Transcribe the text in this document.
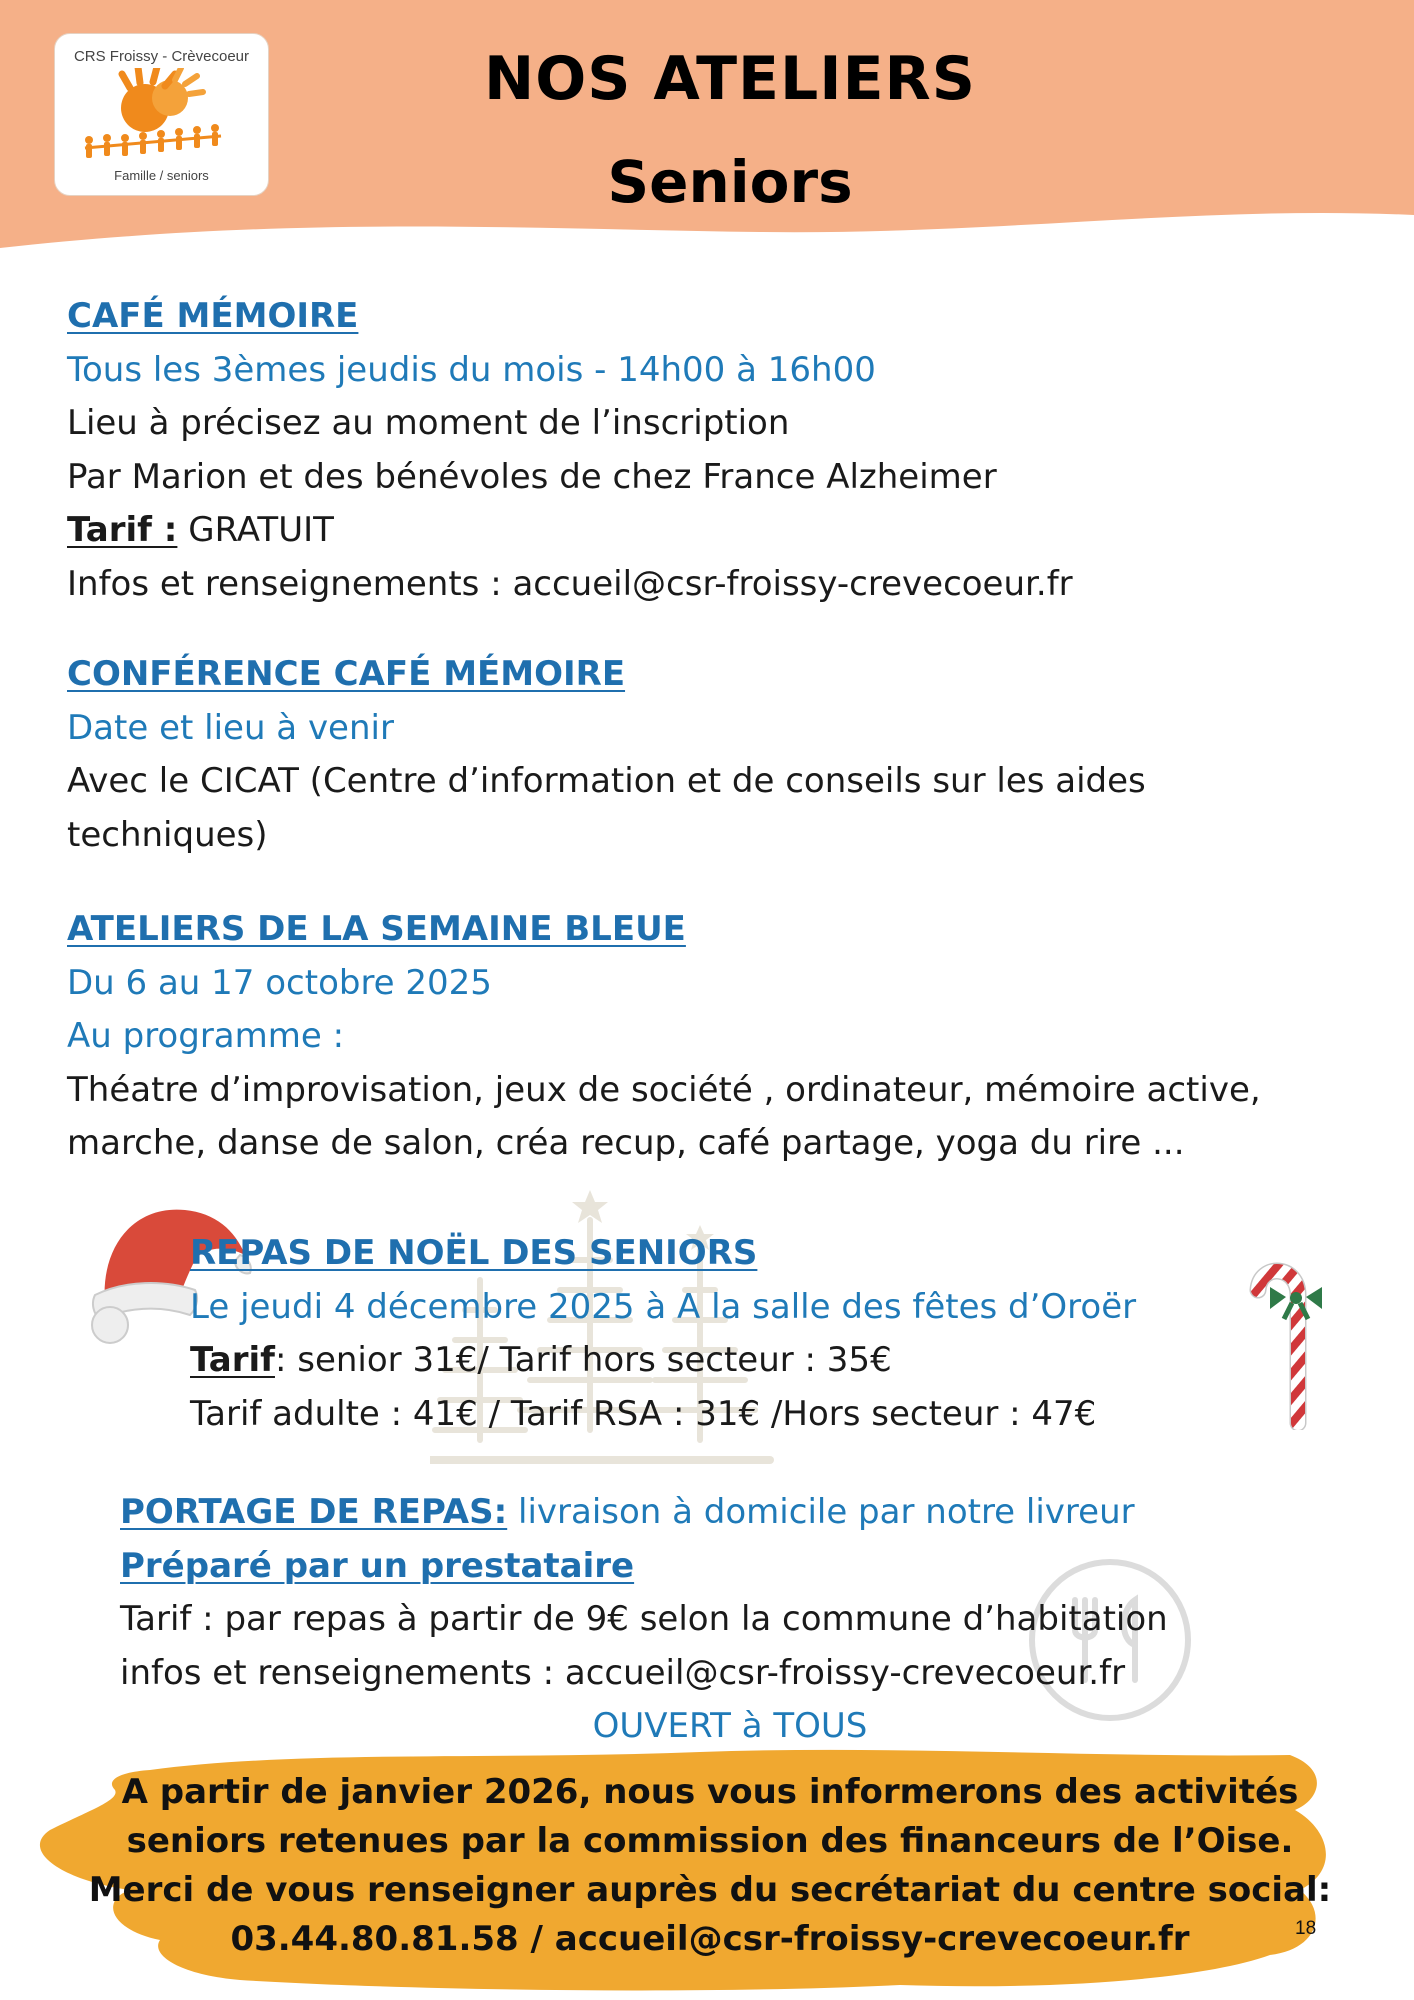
CRS Froissy - Crèvecoeur
Famille / seniors
NOS ATELIERS
Seniors
CAFÉ MÉMOIRE
Tous les 3èmes jeudis du mois - 14h00 à 16h00
Lieu à précisez au moment de l’inscription
Par Marion et des bénévoles de chez France Alzheimer
Tarif : GRATUIT
Infos et renseignements : accueil@csr-froissy-crevecoeur.fr
CONFÉRENCE CAFÉ MÉMOIRE
Date et lieu à venir
Avec le CICAT (Centre d’information et de conseils sur les aides
techniques)
ATELIERS DE LA SEMAINE BLEUE
Du 6 au 17 octobre 2025
Au programme :
Théatre d’improvisation, jeux de société , ordinateur, mémoire active,
marche, danse de salon, créa recup, café partage, yoga du rire ...
REPAS DE NOËL DES SENIORS
Le jeudi 4 décembre 2025 à A la salle des fêtes d’Oroër
Tarif: senior 31€/ Tarif hors secteur : 35€
Tarif adulte : 41€ / Tarif RSA : 31€ /Hors secteur : 47€
PORTAGE DE REPAS: livraison à domicile par notre livreur
Préparé par un prestataire
Tarif : par repas à partir de 9€ selon la commune d’habitation
infos et renseignements : accueil@csr-froissy-crevecoeur.fr
OUVERT à TOUS
A partir de janvier 2026, nous vous informerons des activités
seniors retenues par la commission des financeurs de l’Oise.
Merci de vous renseigner auprès du secrétariat du centre social:
03.44.80.81.58 / accueil@csr-froissy-crevecoeur.fr	18
